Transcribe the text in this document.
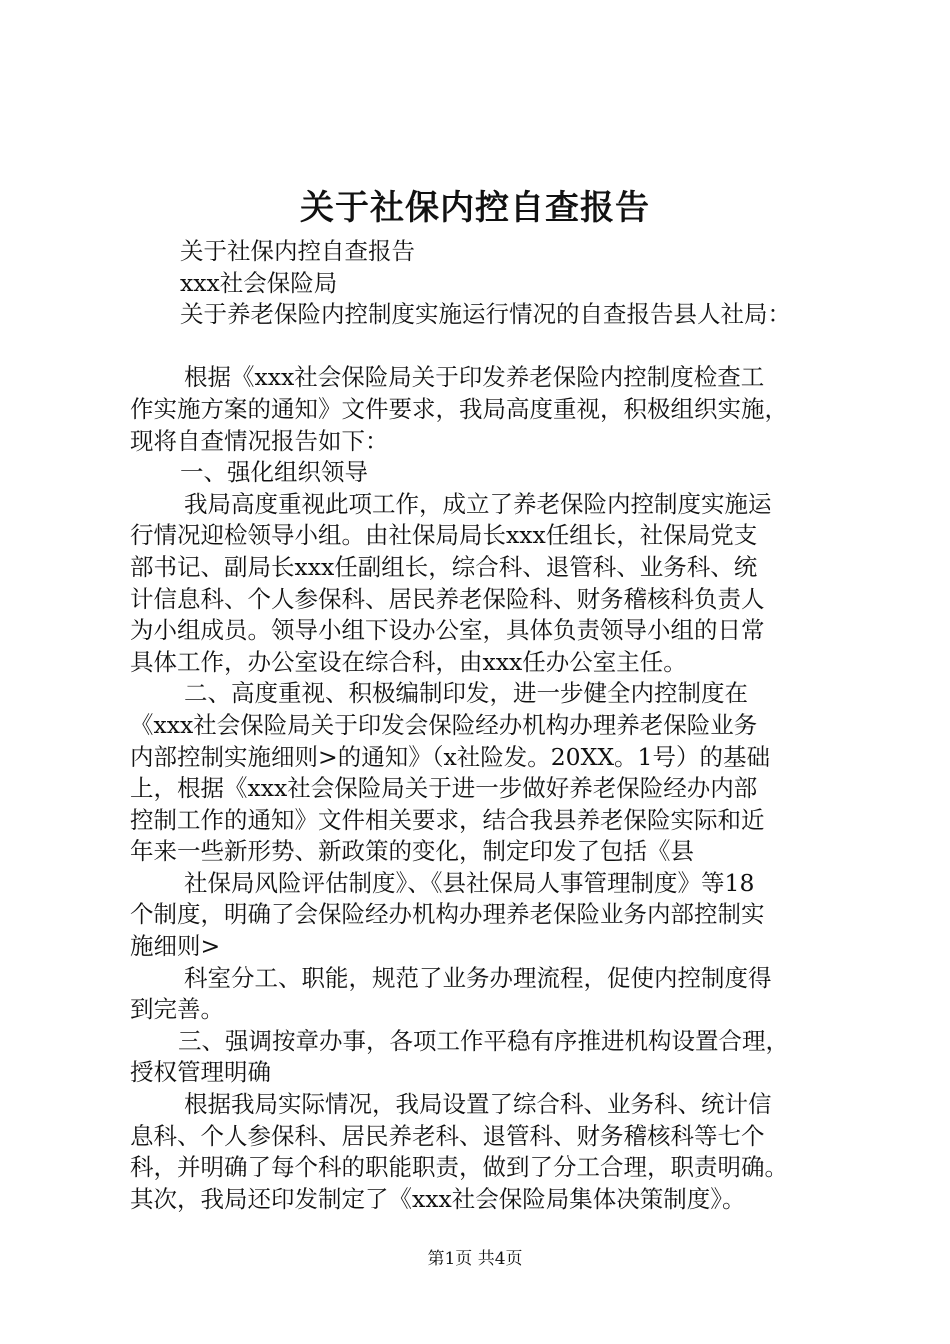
关于社保内控自查报告

关于社保内控自查报告

xxx社会保险局

关于养老保险内控制度实施运行情况的自查报告县人社局：

根据《xxx社会保险局关于印发养老保险内控制度检查工

作实施方案的通知》文件要求，我局高度重视，积极组织实施，

现将自查情况报告如下：

一、强化组织领导

我局高度重视此项工作，成立了养老保险内控制度实施运

行情况迎检领导小组。由社保局局长xxx任组长，社保局党支

部书记、副局长xxx任副组长，综合科、退管科、业务科、统

计信息科、个人参保科、居民养老保险科、财务稽核科负责人

为小组成员。领导小组下设办公室，具体负责领导小组的日常

具体工作，办公室设在综合科，由xxx任办公室主任。

二、高度重视、积极编制印发，进一步健全内控制度在

《xxx社会保险局关于印发会保险经办机构办理养老保险业务

内部控制实施细则>的通知》（x社险发。20XX。1号）的基础

上，根据《xxx社会保险局关于进一步做好养老保险经办内部

控制工作的通知》文件相关要求，结合我县养老保险实际和近

年来一些新形势、新政策的变化，制定印发了包括《县

社保局风险评估制度》、《县社保局人事管理制度》等18

个制度，明确了会保险经办机构办理养老保险业务内部控制实

施细则>

科室分工、职能，规范了业务办理流程，促使内控制度得

到完善。

三、强调按章办事，各项工作平稳有序推进机构设置合理，

授权管理明确

根据我局实际情况，我局设置了综合科、业务科、统计信

息科、个人参保科、居民养老科、退管科、财务稽核科等七个

科，并明确了每个科的职能职责，做到了分工合理，职责明确。

其次，我局还印发制定了《xxx社会保险局集体决策制度》。

第1页 共4页
